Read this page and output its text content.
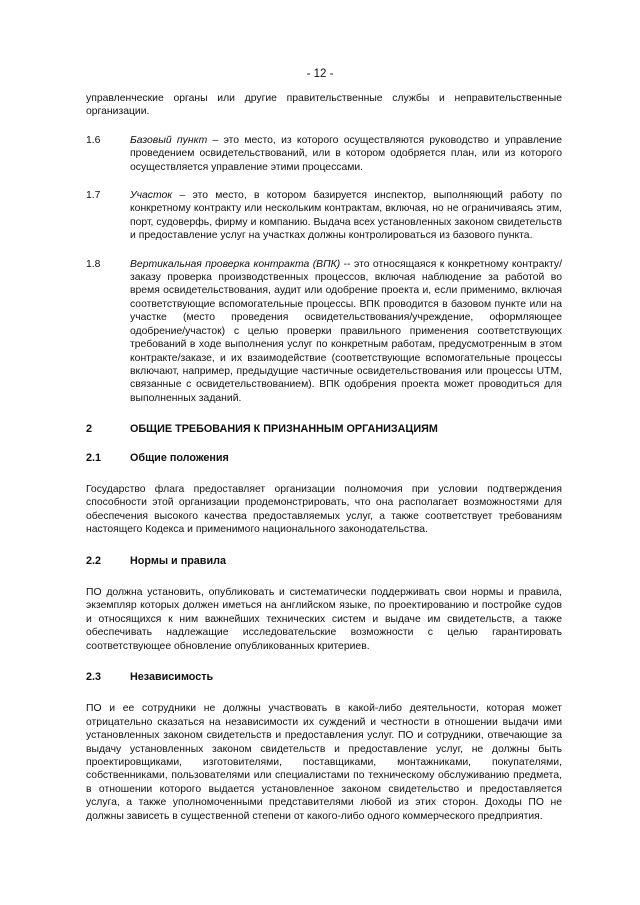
- 12 -

управленческие органы или другие правительственные службы и неправительственные организации.

1.6	Базовый пункт – это место, из которого осуществляются руководство и управление проведением освидетельствований, или в котором одобряется план, или из которого осуществляется управление этими процессами.
1.7	Участок – это место, в котором базируется инспектор, выполняющий работу по конкретному контракту или нескольким контрактам, включая, но не ограничиваясь этим, порт, судоверфь, фирму и компанию. Выдача всех установленных законом свидетельств и предоставление услуг на участках должны контролироваться из базового пункта.
1.8	Вертикальная проверка контракта (ВПК) -- это относящаяся к конкретному контракту/заказу проверка производственных процессов, включая наблюдение за работой во время освидетельствования, аудит или одобрение проекта и, если применимо, включая соответствующие вспомогательные процессы. ВПК проводится в базовом пункте или на участке (место проведения освидетельствования/учреждение, оформляющее одобрение/участок) с целью проверки правильного применения соответствующих требований в ходе выполнения услуг по конкретным работам, предусмотренным в этом контракте/заказе, и их взаимодействие (соответствующие вспомогательные процессы включают, например, предыдущие частичные освидетельствования или процессы UTM, связанные с освидетельствованием). ВПК одобрения проекта может проводиться для выполненных заданий.
2	ОБЩИЕ ТРЕБОВАНИЯ К ПРИЗНАННЫМ ОРГАНИЗАЦИЯМ
2.1	Общие положения

Государство флага предоставляет организации полномочия при условии подтверждения способности этой организации продемонстрировать, что она располагает возможностями для обеспечения высокого качества предоставляемых услуг, а также соответствует требованиям настоящего Кодекса и применимого национального законодательства.

2.2	Нормы и правила

ПО должна установить, опубликовать и систематически поддерживать свои нормы и правила, экземпляр которых должен иметься на английском языке, по проектированию и постройке судов и относящихся к ним важнейших технических систем и выдаче им свидетельств, а также обеспечивать надлежащие исследовательские возможности с целью гарантировать соответствующее обновление опубликованных критериев.

2.3	Независимость

ПО и ее сотрудники не должны участвовать в какой-либо деятельности, которая может отрицательно сказаться на независимости их суждений и честности в отношении выдачи ими установленных законом свидетельств и предоставления услуг. ПО и сотрудники, отвечающие за выдачу установленных законом свидетельств и предоставление услуг, не должны быть проектировщиками, изготовителями, поставщиками, монтажниками, покупателями, собственниками, пользователями или специалистами по техническому обслуживанию предмета, в отношении которого выдается установленное законом свидетельство и предоставляется услуга, а также уполномоченными представителями любой из этих сторон. Доходы ПО не должны зависеть в существенной степени от какого-либо одного коммерческого предприятия.
